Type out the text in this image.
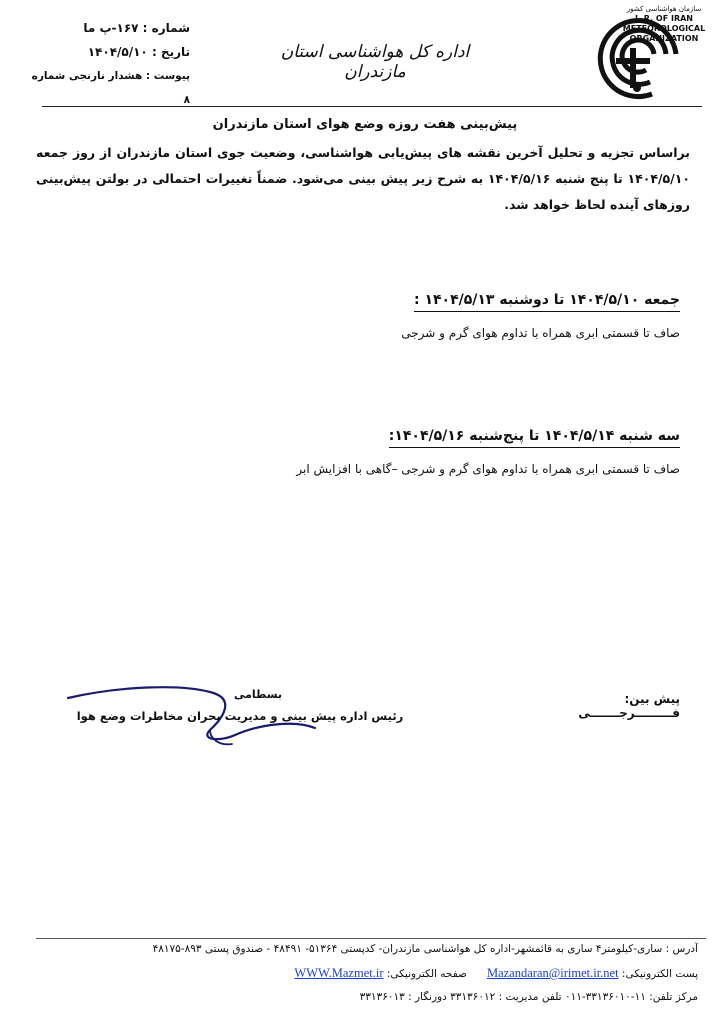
سازمان هواشناسی کشور
I. R. OF IRAN
METEOROLOGICAL
ORGANIZATION
اداره کل هواشناسی استان مازندران
شماره : ۱۶۷-پ ما
تاریخ : ۱۴۰۴/۵/۱۰
پیوست : هشدار نارنجی شماره ۸
پیش‌بینی هفت روزه وضع هوای استان مازندران
براساس تجزیه و تحلیل آخرین نقشه های پیش‌یابی هواشناسی، وضعیت جوی استان مازندران از روز جمعه ۱۴۰۴/۵/۱۰ تا پنج شنبه ۱۴۰۴/۵/۱۶ به شرح زیر پیش بینی می‌شود. ضمناً تغییرات احتمالی در بولتن پیش‌بینی روزهای آینده لحاظ خواهد شد.
جمعه ۱۴۰۴/۵/۱۰ تا دوشنبه ۱۴۰۴/۵/۱۳ :
صاف تا قسمتی ابری همراه با تداوم هوای گرم و شرجی
سه شنبه ۱۴۰۴/۵/۱۴ تا پنج‌شنبه ۱۴۰۴/۵/۱۶:
صاف تا قسمتی ابری همراه با تداوم هوای گرم و شرجی –گاهی با افزایش ابر
بسطامی
رئیس اداره پیش بینی و مدیریت بحران مخاطرات وضع هوا
پیش بین: فـــــــــرجـــــــی
آدرس : ساری-کیلومتر۴ ساری به قائمشهر-اداره کل هواشناسی مازندران- کدپستی ۵۱۳۶۴- ۴۸۴۹۱ - صندوق پستی ۸۹۳-۴۸۱۷۵
پست الکترونیکی: Mazandaran@irimet.ir.net      صفحه الکترونیکی: WWW.Mazmet.ir
مرکز تلفن: ۱۱-۳۳۱۳۶۰۱۰-۰۱۱ تلفن مدیریت : ۳۳۱۳۶۰۱۲ دورنگار : ۳۳۱۳۶۰۱۳
